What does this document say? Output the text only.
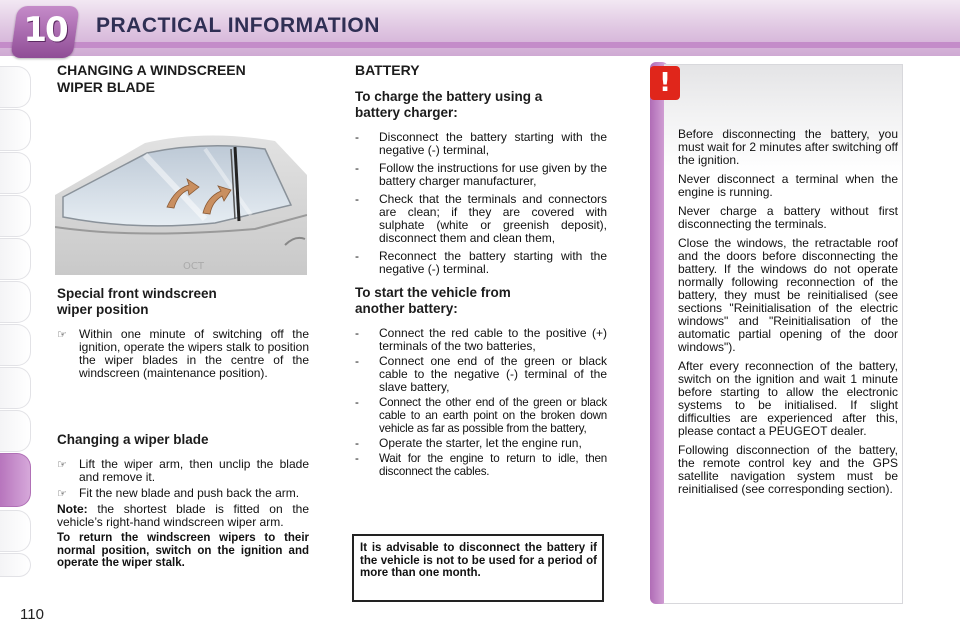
10	PRACTICAL INFORMATION
110
CHANGING A WINDSCREEN
WIPER BLADE
OCT
Special front windscreen
wiper position
☞	Within one minute of switching off the ignition, operate the wipers stalk to position the wiper blades in the centre of the windscreen (maintenance position).
Changing a wiper blade
☞	Lift the wiper arm, then unclip the blade and remove it.
☞	Fit the new blade and push back the arm.
Note: the shortest blade is fitted on the vehicle’s right-hand windscreen wiper arm.
To return the windscreen wipers to their normal position, switch on the ignition and operate the wiper stalk.
BATTERY
To charge the battery using a
battery charger:
- Disconnect the battery starting with the negative (-) terminal,
- Follow the instructions for use given by the battery charger manufacturer,
- Check that the terminals and connectors are clean; if they are covered with sulphate (white or greenish deposit), disconnect them and clean them,
- Reconnect the battery starting with the negative (-) terminal.
To start the vehicle from
another battery:
- Connect the red cable to the positive (+) terminals of the two batteries,
- Connect one end of the green or black cable to the negative (-) terminal of the slave battery,
- Connect the other end of the green or black cable to an earth point on the broken down vehicle as far as possible from the battery,
- Operate the starter, let the engine run,
- Wait for the engine to return to idle, then disconnect the cables.
It is advisable to disconnect the battery if the vehicle is not to be used for a period of more than one month.
!
Before disconnecting the battery, you must wait for 2 minutes after switching off the ignition.
Never disconnect a terminal when the engine is running.
Never charge a battery without first disconnecting the terminals.
Close the windows, the retractable roof and the doors before disconnecting the battery. If the windows do not operate normally following reconnection of the battery, they must be reinitialised (see sections "Reinitialisation of the electric windows" and "Reinitialisation of the automatic partial opening of the door windows").
After every reconnection of the battery, switch on the ignition and wait 1 minute before starting to allow the electronic systems to be initialised. If slight difficulties are experienced after this, please contact a PEUGEOT dealer.
Following disconnection of the battery, the remote control key and the GPS satellite navigation system must be reinitialised (see corresponding section).
